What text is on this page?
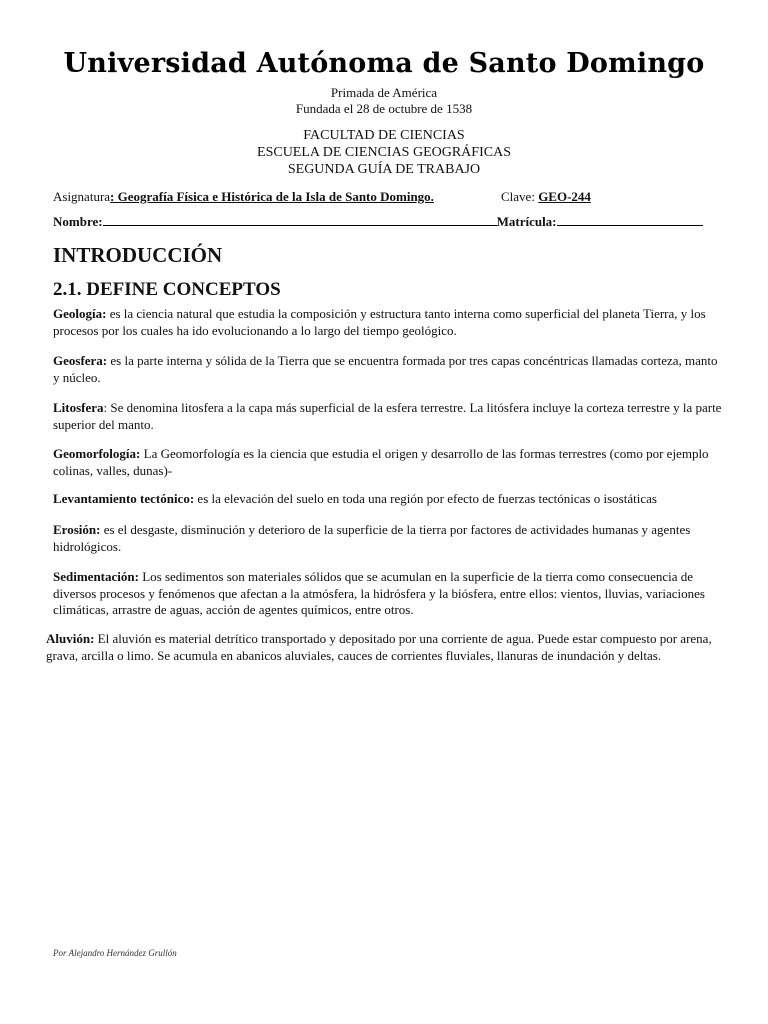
Universidad Autónoma de Santo Domingo
Primada de América
Fundada el 28 de octubre de 1538
FACULTAD DE CIENCIAS
ESCUELA DE CIENCIAS GEOGRÁFICAS
SEGUNDA GUÍA DE TRABAJO
Asignatura: Geografía Física e Histórica de la Isla de Santo Domingo.	Clave: GEO-244
Nombre:	Matrícula:
INTRODUCCIÓN
2.1. DEFINE CONCEPTOS
Geología: es la ciencia natural que estudia la composición y estructura tanto interna como superficial del planeta Tierra, y los procesos por los cuales ha ido evolucionando a lo largo del tiempo geológico.
Geosfera: es la parte interna y sólida de la Tierra que se encuentra formada por tres capas concéntricas llamadas corteza, manto y núcleo.
Litosfera: Se denomina litosfera a la capa más superficial de la esfera terrestre. La litósfera incluye la corteza terrestre y la parte superior del manto.
Geomorfología: La Geomorfología es la ciencia que estudia el origen y desarrollo de las formas terrestres (como por ejemplo colinas, valles, dunas)-
Levantamiento tectónico: es la elevación del suelo en toda una región por efecto de fuerzas tectónicas o isostáticas
Erosión: es el desgaste, disminución y deterioro de la superficie de la tierra por factores de actividades humanas y agentes hidrológicos.
Sedimentación: Los sedimentos son materiales sólidos que se acumulan en la superficie de la tierra como consecuencia de diversos procesos y fenómenos que afectan a la atmósfera, la hidrósfera y la biósfera, entre ellos: vientos, lluvias, variaciones climáticas, arrastre de aguas, acción de agentes químicos, entre otros.
Aluvión: El aluvión es material detrítico transportado y depositado por una corriente de agua. Puede estar compuesto por arena, grava, arcilla o limo. Se acumula en abanicos aluviales, cauces de corrientes fluviales, llanuras de inundación y deltas.
Por Alejandro Hernández Grullón
